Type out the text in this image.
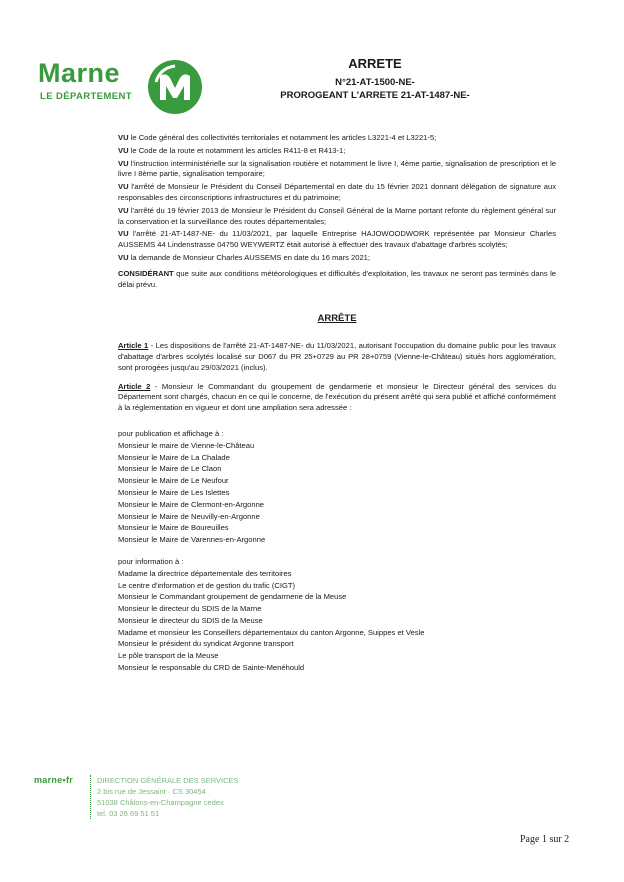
Marne
LE DÉPARTEMENT
ARRETE
N°21-AT-1500-NE-
PROROGEANT L'ARRETE 21-AT-1487-NE-

VU le Code général des collectivités territoriales et notamment les articles L3221-4 et L3221-5;

VU le Code de la route et notamment les articles R411-8 et R413-1;

VU l'instruction interministérielle sur la signalisation routière et notamment le livre I, 4ème partie, signalisation de prescription et le livre I 8ème partie, signalisation temporaire;

VU l'arrêté de Monsieur le Président du Conseil Départemental en date du 15 février 2021 donnant délégation de signature aux responsables des circonscriptions infrastructures et du patrimoine;

VU l'arrêté du 19 février 2013 de Monsieur le Président du Conseil Général de la Marne portant refonte du règlement général sur la conservation et la surveillance des routes départementales;

VU l'arrêté 21-AT-1487-NE- du 11/03/2021, par laquelle Entreprise HAJOWOODWORK représentée par Monsieur Charles AUSSEMS 44 Lindenstrasse 04750 WEYWERTZ était autorisé à effectuer des travaux d'abattage d'arbres scolytés;

VU la demande de Monsieur Charles AUSSEMS en date du 16 mars 2021;

CONSIDÉRANT que suite aux conditions météorologiques et difficultés d'exploitation, les travaux ne seront pas terminés dans le délai prévu.

ARRÊTE

Article 1 - Les dispositions de l'arrêté 21-AT-1487-NE- du 11/03/2021, autorisant l'occupation du domaine public pour les travaux d'abattage d'arbres scolytés localisé sur D067 du PR 25+0729 au PR 28+0759 (Vienne-le-Château) situés hors agglomération, sont prorogées jusqu'au 29/03/2021 (inclus).

Article 2 - Monsieur le Commandant du groupement de gendarmerie et monsieur le Directeur général des services du Département sont chargés, chacun en ce qui le concerne, de l'exécution du présent arrêté qui sera publié et affiché conformément à la réglementation en vigueur et dont une ampliation sera adressée :

pour publication et affichage à :
Monsieur le maire de Vienne-le-Château
Monsieur le Maire de La Chalade
Monsieur le Maire de Le Claon
Monsieur le Maire de Le Neufour
Monsieur le Maire de Les Islettes
Monsieur le Maire de Clermont-en-Argonne
Monsieur le Maire de Neuvilly-en-Argonne
Monsieur le Maire de Boureuilles
Monsieur le Maire de Varennes-en-Argonne
pour information à :
Madame la directrice départementale des territoires
Le centre d'information et de gestion du trafic (CIGT)
Monsieur le Commandant groupement de gendarmerie de la Meuse
Monsieur le directeur du SDIS de la Marne
Monsieur le directeur du SDIS de la Meuse
Madame et monsieur les Conseillers départementaux du canton Argonne, Suippes et Vesle
Monsieur le président du syndicat Argonne transport
Le pôle transport de la Meuse
Monsieur le responsable du CRD de Sainte-Menéhould
marne•fr	DIRECTION GÉNÉRALE DES SERVICES
2 bis rue de Jessaint · CS 30454
51038 Châlons-en-Champagne cedex
tel. 03 26 69 51 51
Page 1 sur 2
